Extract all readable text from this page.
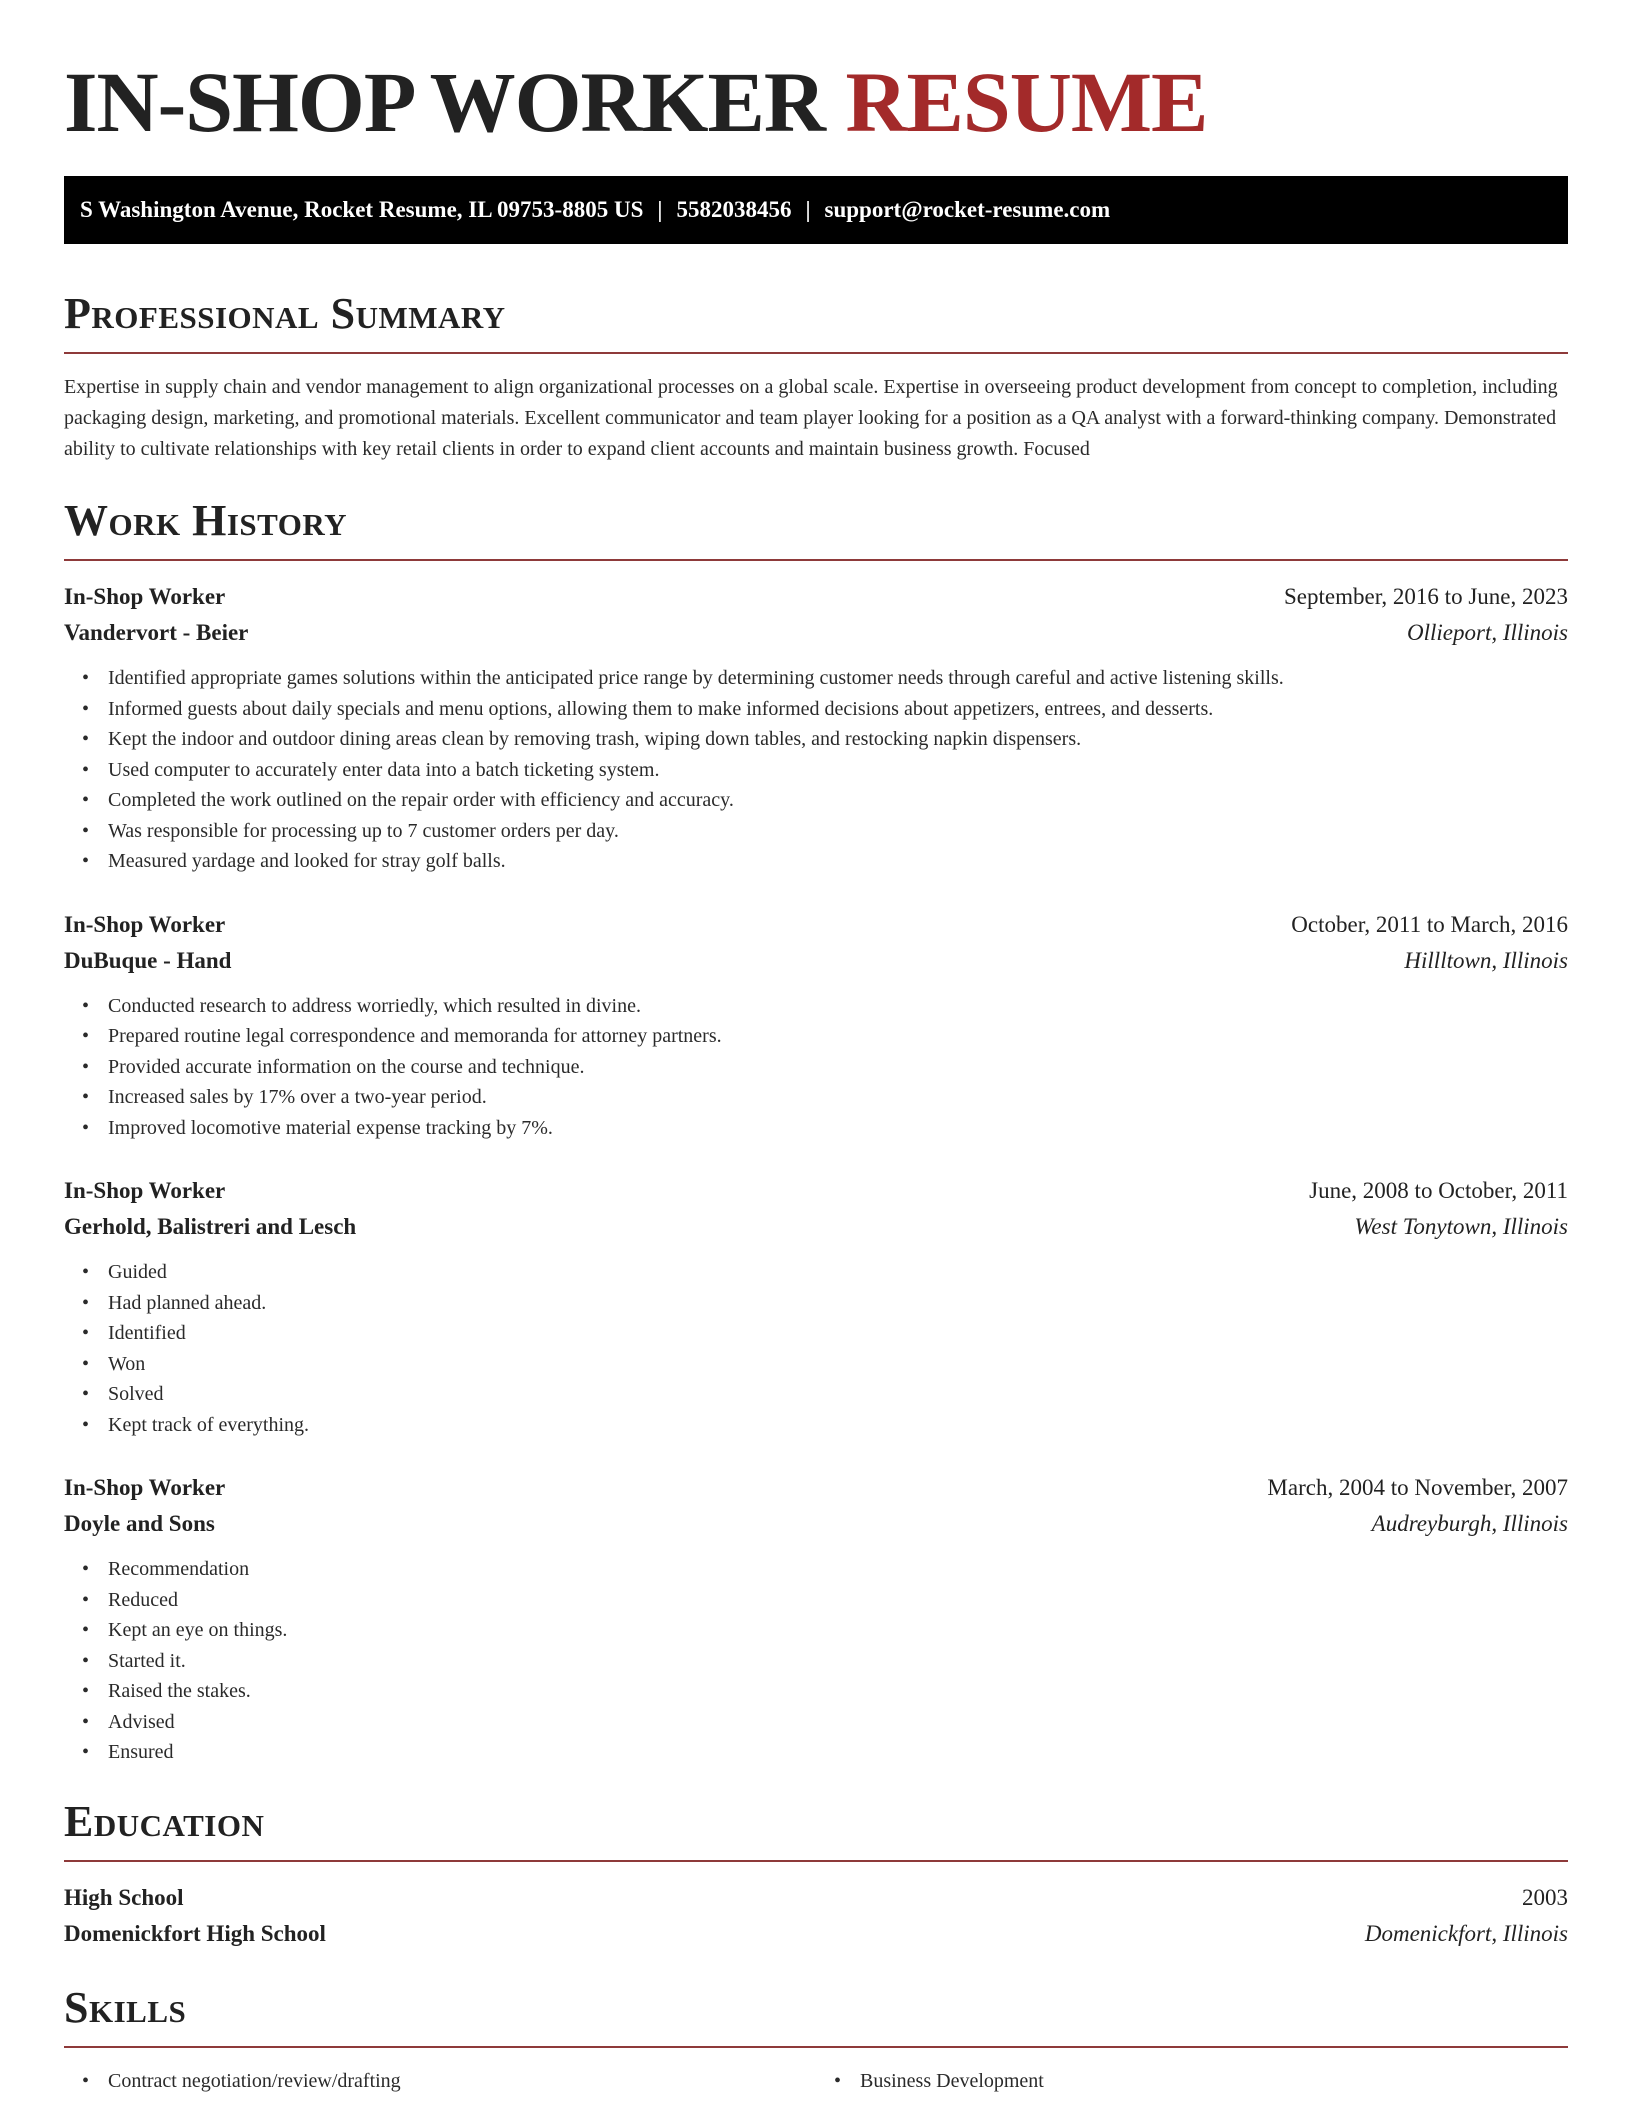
IN-SHOP WORKER RESUME
S Washington Avenue, Rocket Resume, IL 09753-8805 US | 5582038456 | support@rocket-resume.com
Professional Summary

Expertise in supply chain and vendor management to align organizational processes on a global scale. Expertise in overseeing product development from concept to completion, including packaging design, marketing, and promotional materials. Excellent communicator and team player looking for a position as a QA analyst with a forward-thinking company. Demonstrated ability to cultivate relationships with key retail clients in order to expand client accounts and maintain business growth. Focused

Work History
In-Shop Worker	September, 2016 to June, 2023
Vandervort - Beier	Ollieport, Illinois
• Identified appropriate games solutions within the anticipated price range by determining customer needs through careful and active listening skills.
• Informed guests about daily specials and menu options, allowing them to make informed decisions about appetizers, entrees, and desserts.
• Kept the indoor and outdoor dining areas clean by removing trash, wiping down tables, and restocking napkin dispensers.
• Used computer to accurately enter data into a batch ticketing system.
• Completed the work outlined on the repair order with efficiency and accuracy.
• Was responsible for processing up to 7 customer orders per day.
• Measured yardage and looked for stray golf balls.
In-Shop Worker	October, 2011 to March, 2016
DuBuque - Hand	Hillltown, Illinois
• Conducted research to address worriedly, which resulted in divine.
• Prepared routine legal correspondence and memoranda for attorney partners.
• Provided accurate information on the course and technique.
• Increased sales by 17% over a two-year period.
• Improved locomotive material expense tracking by 7%.
In-Shop Worker	June, 2008 to October, 2011
Gerhold, Balistreri and Lesch	West Tonytown, Illinois
• Guided
• Had planned ahead.
• Identified
• Won
• Solved
• Kept track of everything.
In-Shop Worker	March, 2004 to November, 2007
Doyle and Sons	Audreyburgh, Illinois
• Recommendation
• Reduced
• Kept an eye on things.
• Started it.
• Raised the stakes.
• Advised
• Ensured
Education
High School	2003
Domenickfort High School	Domenickfort, Illinois
Skills
• Contract negotiation/review/drafting
•	Business Development
